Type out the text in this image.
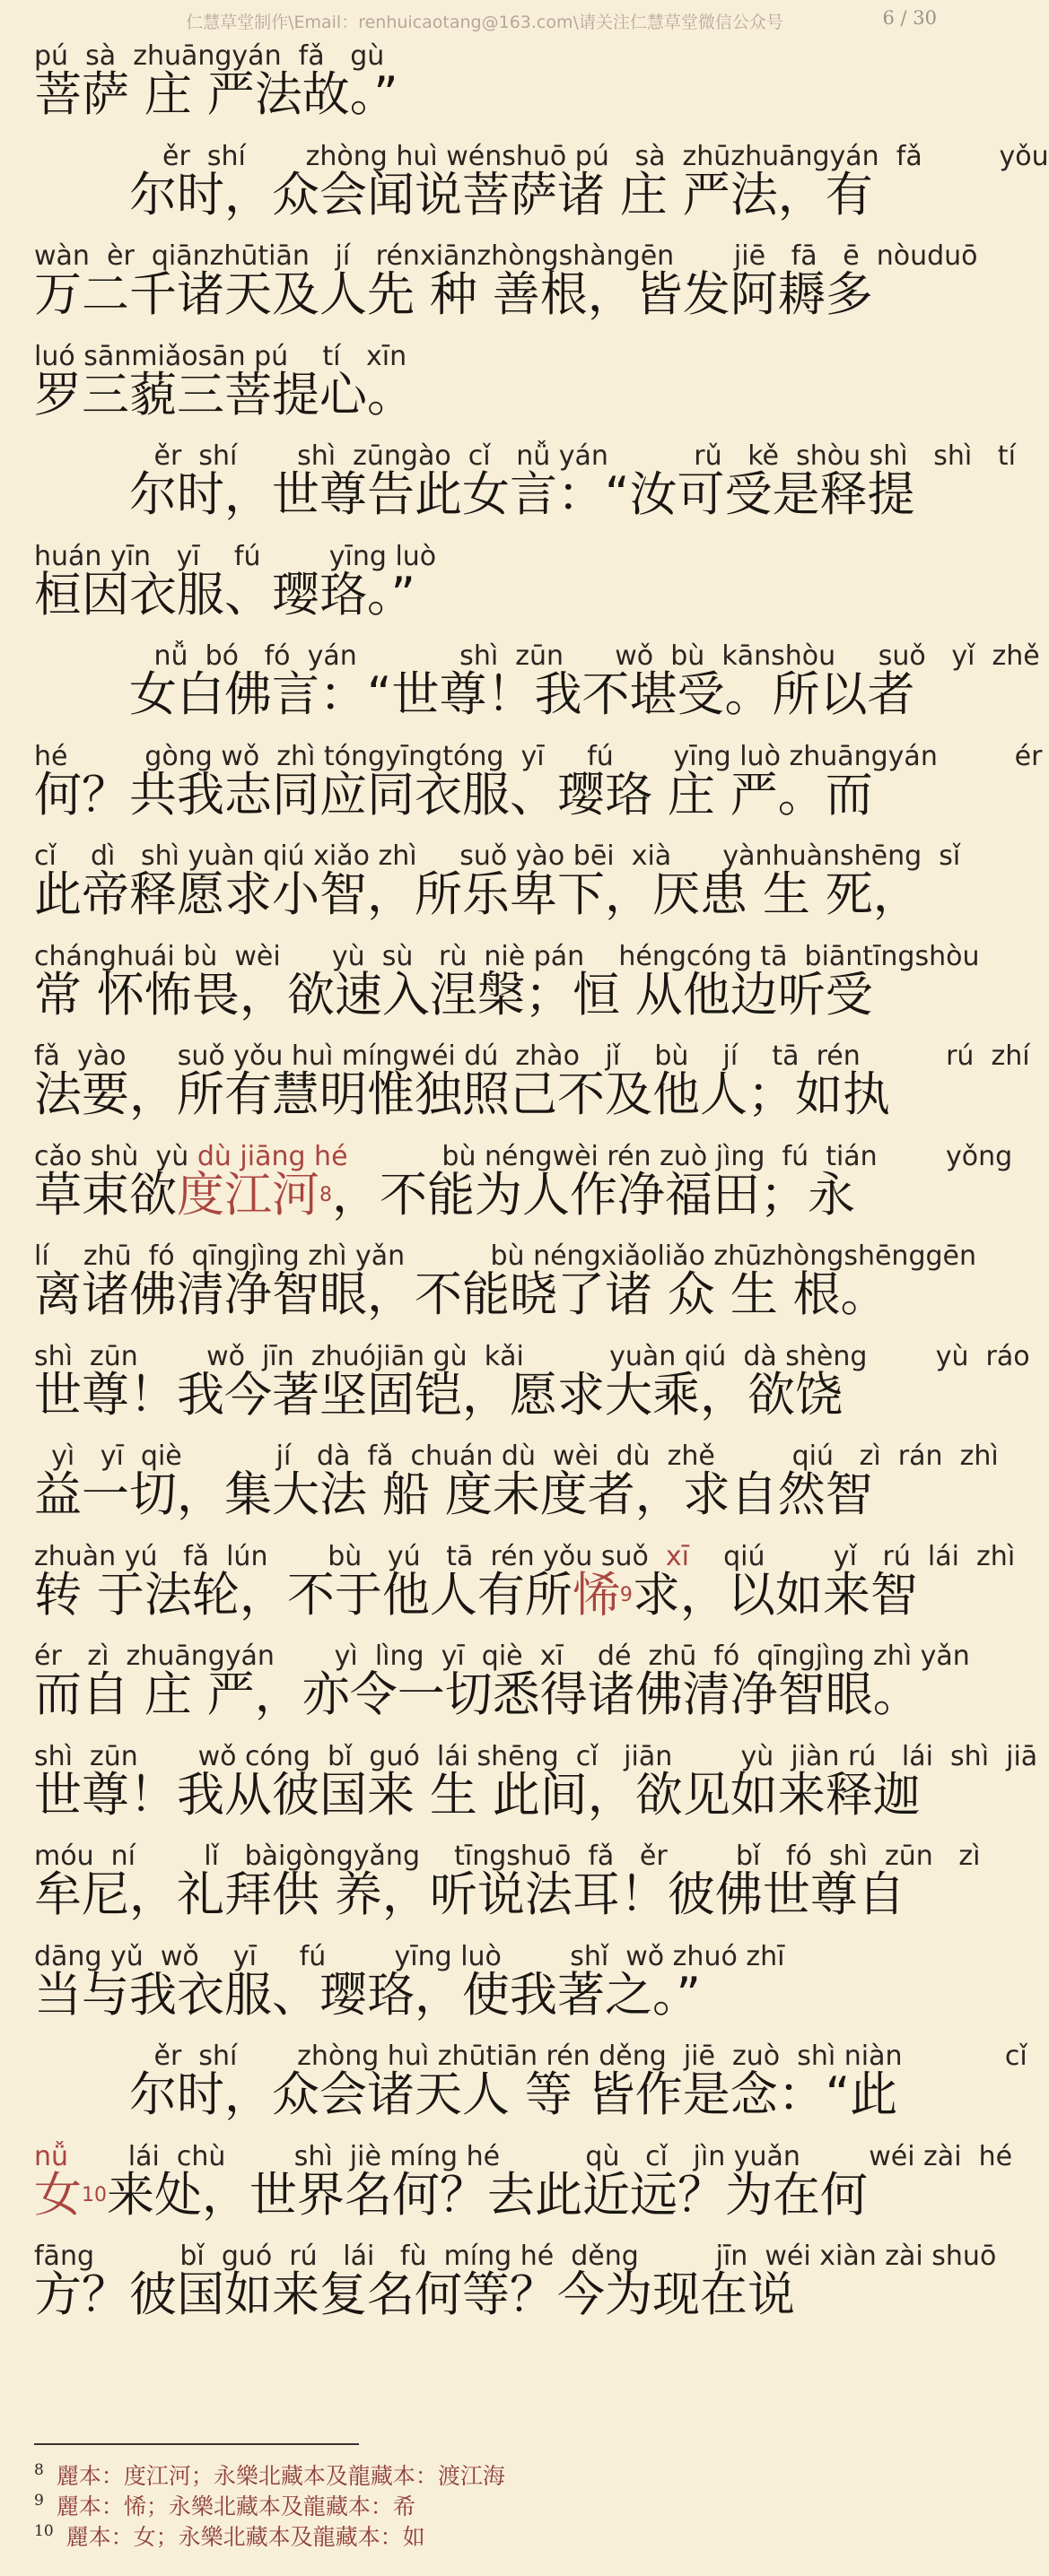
仁慧草堂制作\Email：renhuicaotang@163.com\请关注仁慧草堂微信公众号	6 / 30
pú  sà  zhuāngyán  fǎ   gù
菩萨 庄 严法故。”
ěr  shí       zhòng huì wénshuō pú   sà  zhūzhuāngyán  fǎ         yǒu
尔时，众会闻说菩萨诸 庄 严法，有
wàn  èr  qiānzhūtiān   jí   rénxiānzhòngshàngēn       jiē   fā   ē  nòuduō
万二千诸天及人先 种 善根，皆发阿耨多
luó sānmiǎosān pú    tí   xīn
罗三藐三菩提心。
ěr  shí       shì  zūngào  cǐ   nǚ yán          rǔ   kě  shòu shì   shì   tí
尔时，世尊告此女言：“汝可受是释提
huán yīn   yī    fú        yīng luò
桓因衣服、璎珞。”
nǚ  bó   fó  yán            shì  zūn      wǒ  bù  kānshòu     suǒ   yǐ  zhě
女白佛言：“世尊！我不堪受。所以者
hé         gòng wǒ  zhì tóngyīngtóng  yī     fú       yīng luò zhuāngyán         ér
何？共我志同应同衣服、璎珞 庄 严。而
cǐ    dì   shì yuàn qiú xiǎo zhì     suǒ yào bēi  xià      yànhuànshēng  sǐ
此帝释愿求小智，所乐卑下，厌患 生 死，
chánghuái bù  wèi      yù  sù   rù  niè pán    héngcóng tā  biāntīngshòu
常 怀怖畏，欲速入涅槃；恒 从他边听受
fǎ  yào      suǒ yǒu huì míngwéi dú  zhào   jǐ    bù    jí    tā  rén          rú  zhí
法要，所有慧明惟独照己不及他人；如执
cǎo shù  yù dù jiāng hé           bù néngwèi rén zuò jìng  fú  tián        yǒng
草束欲 度江河 8 ，不能为人作净福田；永
lí    zhū  fó  qīngjìng zhì yǎn          bù néngxiǎoliǎo zhūzhòngshēnggēn
离诸佛清净智眼，不能晓了诸 众 生 根。
shì  zūn        wǒ  jīn  zhuójiān gù  kǎi          yuàn qiú  dà shèng        yù  ráo
世尊！我今著坚固铠，愿求大乘，欲饶
yì   yī  qiè           jí   dà  fǎ  chuán dù  wèi  dù  zhě         qiú   zì  rán  zhì
益一切，集大法 船 度未度者，求自然智
zhuàn yú   fǎ  lún       bù   yú   tā  rén yǒu suǒ  xī    qiú        yǐ   rú  lái  zhì
转 于法轮，不于他人有所 悕 9 求，以如来智
ér   zì  zhuāngyán       yì  lìng  yī  qiè  xī    dé  zhū  fó  qīngjìng zhì yǎn
而自 庄 严，亦令一切悉得诸佛清净智眼。
shì  zūn       wǒ cóng  bǐ  guó  lái shēng  cǐ   jiān        yù  jiàn rú   lái  shì  jiā
世尊！我从彼国来 生 此间，欲见如来释迦
móu  ní        lǐ   bàigòngyǎng    tīngshuō  fǎ   ěr        bǐ   fó  shì  zūn   zì
牟尼，礼拜供 养，听说法耳！彼佛世尊自
dāng yǔ  wǒ    yī     fú        yīng luò        shǐ  wǒ zhuó zhī
当与我衣服、璎珞，使我著之。”
ěr  shí       zhòng huì zhūtiān rén děng  jiē  zuò  shì niàn            cǐ
尔时，众会诸天人 等 皆作是念：“此
nǚ       lái  chù        shì  jiè míng hé          qù   cǐ   jìn yuǎn        wéi zài  hé
女 10 来处，世界名何？去此近远？为在何
fāng          bǐ  guó  rú   lái   fù  míng hé  děng         jīn  wéi xiàn zài shuō
方？彼国如来复名何等？今为现在说
$^8$ 麗本：度江河；永樂北藏本及龍藏本：渡江海
$^9$ 麗本：悕；永樂北藏本及龍藏本：希
$^{10}$ 麗本：女；永樂北藏本及龍藏本：如
